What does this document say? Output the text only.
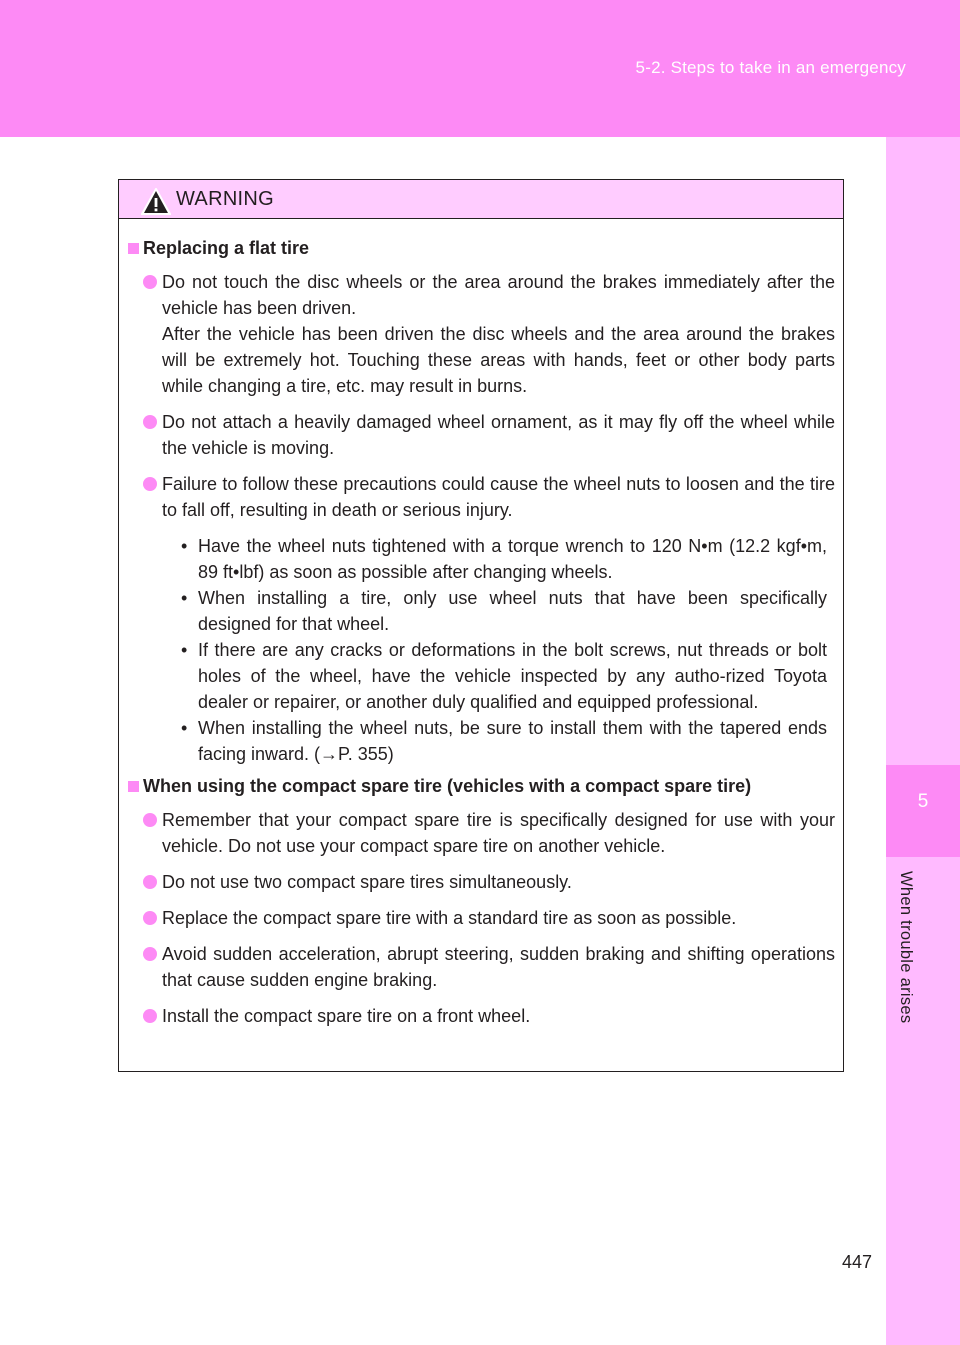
5-2. Steps to take in an emergency
5
When trouble arises
WARNING
Replacing a flat tire
Do not touch the disc wheels or the area around the brakes immediately after the vehicle has been driven.
After the vehicle has been driven the disc wheels and the area around the brakes will be extremely hot. Touching these areas with hands, feet or other body parts while changing a tire, etc. may result in burns.
Do not attach a heavily damaged wheel ornament, as it may fly off the wheel while the vehicle is moving.
Failure to follow these precautions could cause the wheel nuts to loosen and the tire to fall off, resulting in death or serious injury.
• Have the wheel nuts tightened with a torque wrench to 120 N•m (12.2 kgf•m, 89 ft•lbf) as soon as possible after changing wheels.
• When installing a tire, only use wheel nuts that have been specifically designed for that wheel.
• If there are any cracks or deformations in the bolt screws, nut threads or bolt holes of the wheel, have the vehicle inspected by any autho-rized Toyota dealer or repairer, or another duly qualified and equipped professional.
• When installing the wheel nuts, be sure to install them with the tapered ends facing inward. (→P. 355)
When using the compact spare tire (vehicles with a compact spare tire)
Remember that your compact spare tire is specifically designed for use with your vehicle. Do not use your compact spare tire on another vehicle.
Do not use two compact spare tires simultaneously.
Replace the compact spare tire with a standard tire as soon as possible.
Avoid sudden acceleration, abrupt steering, sudden braking and shifting operations that cause sudden engine braking.
Install the compact spare tire on a front wheel.
447
